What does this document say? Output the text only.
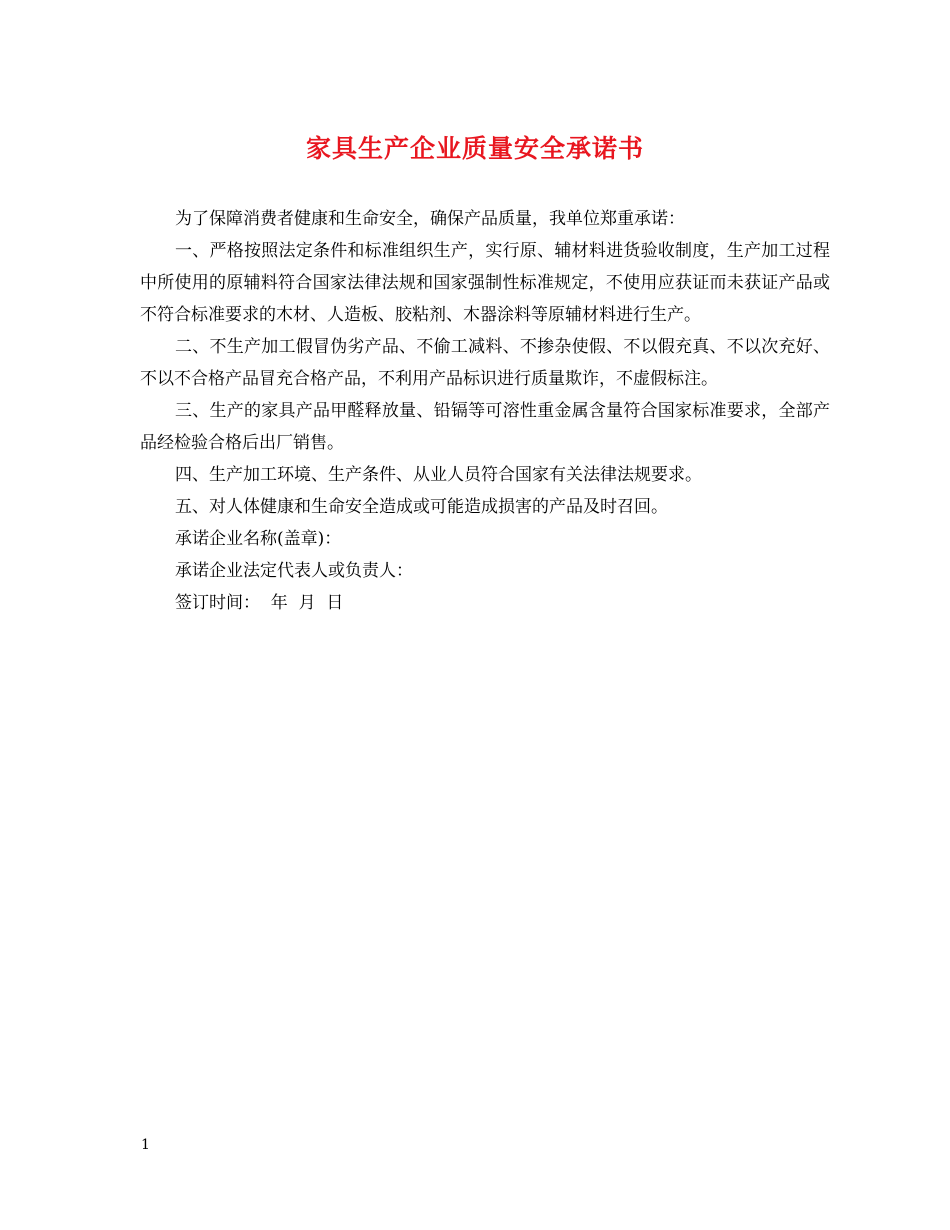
家具生产企业质量安全承诺书

为了保障消费者健康和生命安全，确保产品质量，我单位郑重承诺：

一、严格按照法定条件和标准组织生产，实行原、辅材料进货验收制度，生产加工过程中所使用的原辅料符合国家法律法规和国家强制性标准规定，不使用应获证而未获证产品或不符合标准要求的木材、人造板、胶粘剂、木器涂料等原辅材料进行生产。

二、不生产加工假冒伪劣产品、不偷工减料、不掺杂使假、不以假充真、不以次充好、不以不合格产品冒充合格产品，不利用产品标识进行质量欺诈，不虚假标注。

三、生产的家具产品甲醛释放量、铅镉等可溶性重金属含量符合国家标准要求，全部产品经检验合格后出厂销售。

四、生产加工环境、生产条件、从业人员符合国家有关法律法规要求。

五、对人体健康和生命安全造成或可能造成损害的产品及时召回。

承诺企业名称(盖章)：

承诺企业法定代表人或负责人：

签订时间：  年  月  日

1
